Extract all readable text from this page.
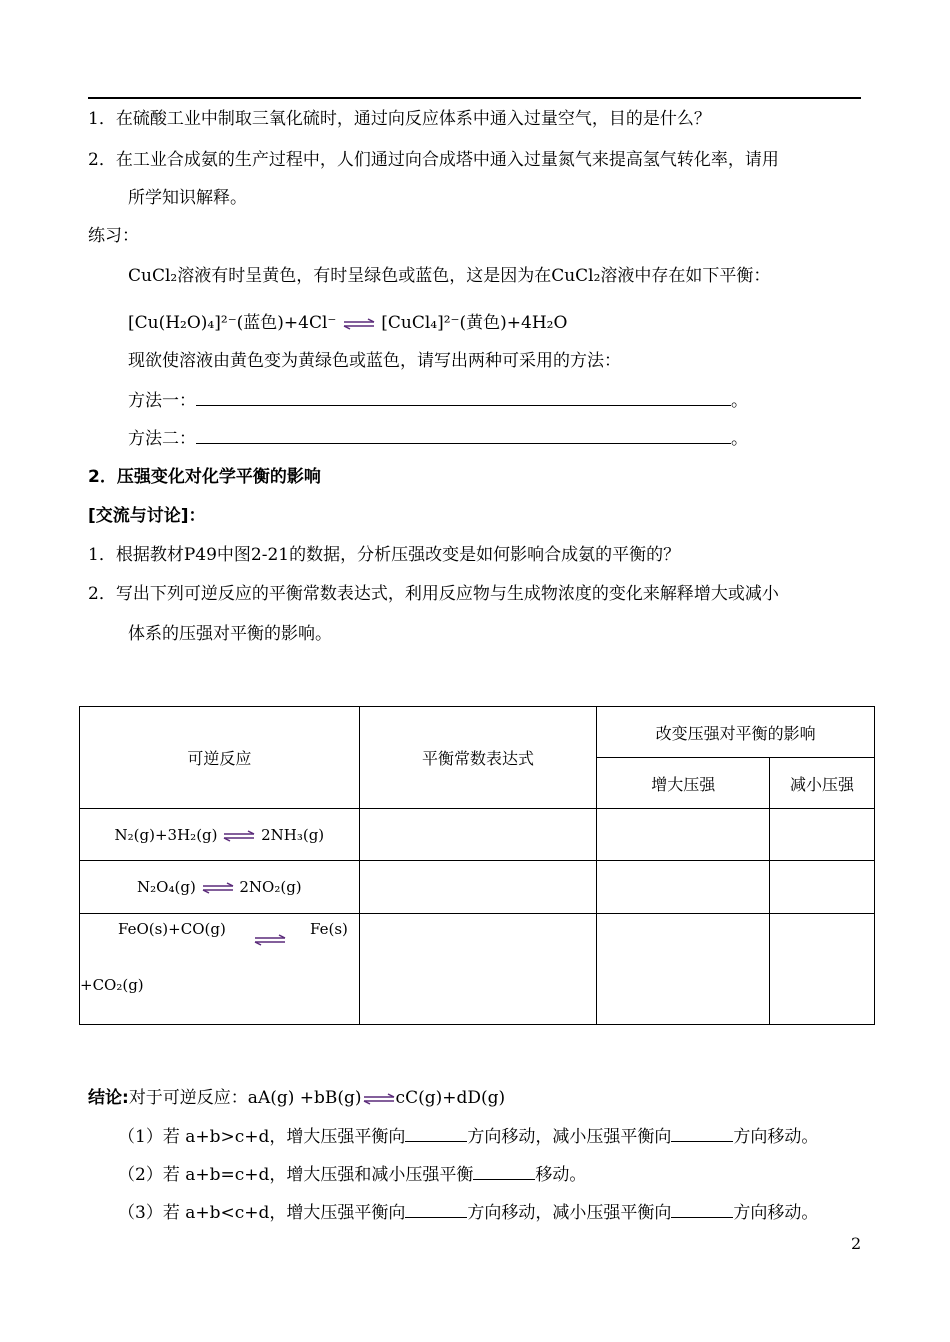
1．在硫酸工业中制取三氧化硫时，通过向反应体系中通入过量空气，目的是什么？
2．在工业合成氨的生产过程中，人们通过向合成塔中通入过量氮气来提高氢气转化率，请用
所学知识解释。
练习：
CuCl₂溶液有时呈黄色，有时呈绿色或蓝色，这是因为在CuCl₂溶液中存在如下平衡：
[Cu(H₂O)₄]²⁻(蓝色)+4Cl⁻ ⇌ [CuCl₄]²⁻(黄色)+4H₂O
现欲使溶液由黄色变为黄绿色或蓝色，请写出两种可采用的方法：
方法一：	。
方法二：	。
2．压强变化对化学平衡的影响
[交流与讨论]：
1．根据教材P49中图2-21的数据，分析压强改变是如何影响合成氨的平衡的？
2．写出下列可逆反应的平衡常数表达式，利用反应物与生成物浓度的变化来解释增大或减小
体系的压强对平衡的影响。
可逆反应	平衡常数表达式	改变压强对平衡的影响	
		增大压强	减小压强
N₂(g)+3H₂(g) ⇌ 2NH₃(g)			
N₂O₄(g) ⇌ 2NO₂(g)			

FeO(s)+CO(g) Fe(s)
+CO₂(g)			

结论:对于可逆反应：aA(g) +bB(g)⇌cC(g)+dD(g)
（1）若 a+b>c+d，增大压强平衡向	方向移动，减小压强平衡向	方向移动。
（2）若 a+b=c+d，增大压强和减小压强平衡	移动。
（3）若 a+b<c+d，增大压强平衡向	方向移动，减小压强平衡向	方向移动。
2
